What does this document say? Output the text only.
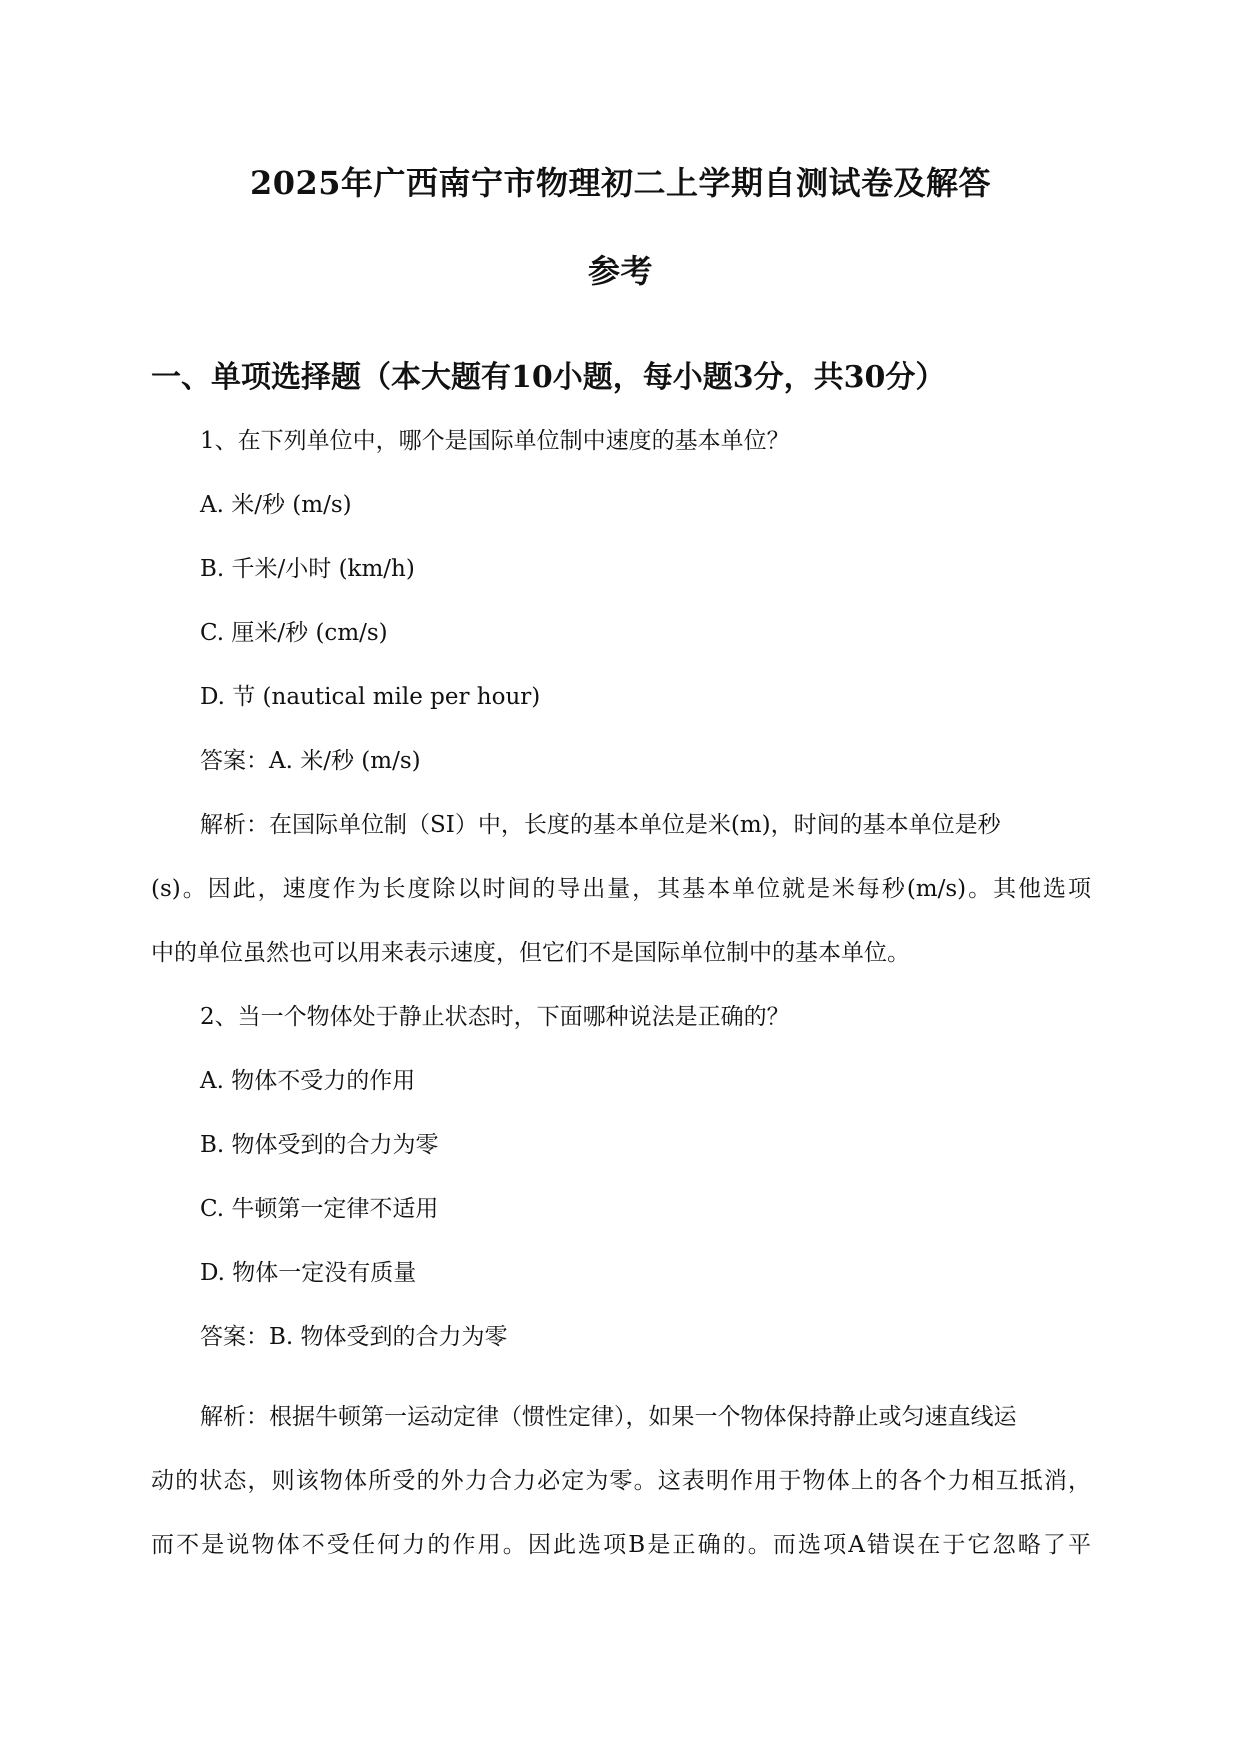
2025年广西南宁市物理初二上学期自测试卷及解答
参考
一、单项选择题（本大题有10小题，每小题3分，共30分）
1、在下列单位中，哪个是国际单位制中速度的基本单位？
A. 米/秒 (m/s)
B. 千米/小时 (km/h)
C. 厘米/秒 (cm/s)
D. 节 (nautical mile per hour)
答案：A. 米/秒 (m/s)
解析：在国际单位制（SI）中，长度的基本单位是米(m)，时间的基本单位是秒
(s)。因此，速度作为长度除以时间的导出量，其基本单位就是米每秒(m/s)。其他选项
中的单位虽然也可以用来表示速度，但它们不是国际单位制中的基本单位。
2、当一个物体处于静止状态时，下面哪种说法是正确的？
A. 物体不受力的作用
B. 物体受到的合力为零
C. 牛顿第一定律不适用
D. 物体一定没有质量
答案：B. 物体受到的合力为零
解析：根据牛顿第一运动定律（惯性定律），如果一个物体保持静止或匀速直线运
动的状态，则该物体所受的外力合力必定为零。这表明作用于物体上的各个力相互抵消，
而不是说物体不受任何力的作用。因此选项B是正确的。而选项A错误在于它忽略了平
